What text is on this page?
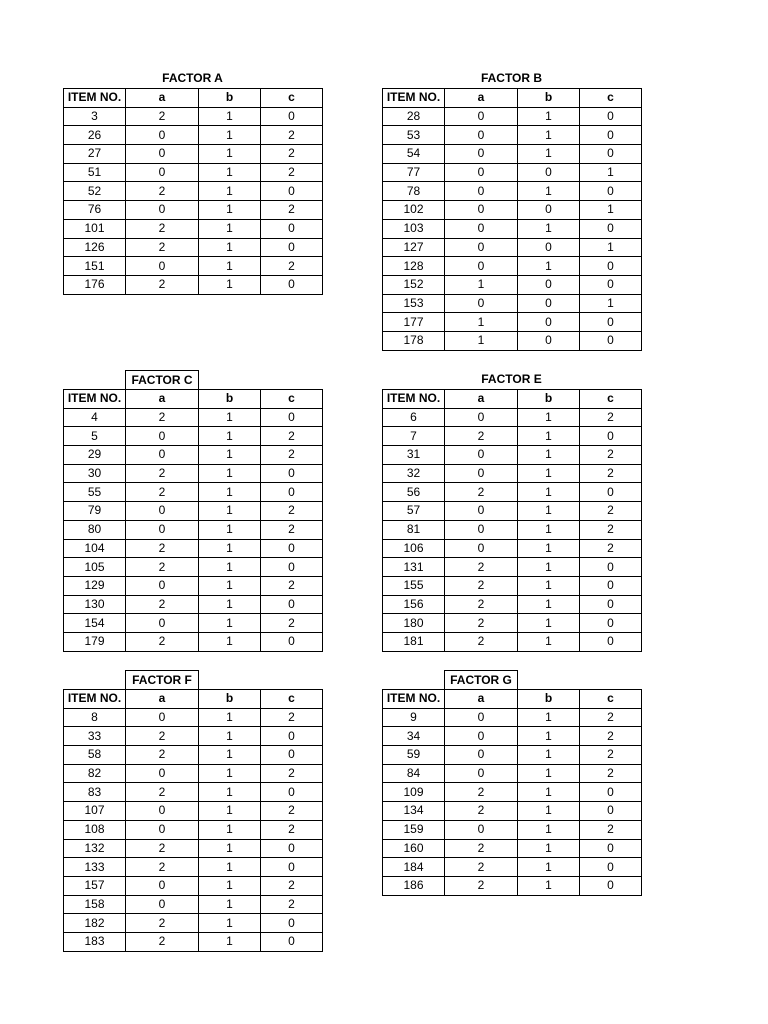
FACTOR A
ITEM NO.	a	b	c
3	2	1	0
26	0	1	2
27	0	1	2
51	0	1	2
52	2	1	0
76	0	1	2
101	2	1	0
126	2	1	0
151	0	1	2
176	2	1	0
FACTOR B
ITEM NO.	a	b	c
28	0	1	0
53	0	1	0
54	0	1	0
77	0	0	1
78	0	1	0
102	0	0	1
103	0	1	0
127	0	0	1
128	0	1	0
152	1	0	0
153	0	0	1
177	1	0	0
178	1	0	0
FACTOR C
ITEM NO.	a	b	c
4	2	1	0
5	0	1	2
29	0	1	2
30	2	1	0
55	2	1	0
79	0	1	2
80	0	1	2
104	2	1	0
105	2	1	0
129	0	1	2
130	2	1	0
154	0	1	2
179	2	1	0
FACTOR E
ITEM NO.	a	b	c
6	0	1	2
7	2	1	0
31	0	1	2
32	0	1	2
56	2	1	0
57	0	1	2
81	0	1	2
106	0	1	2
131	2	1	0
155	2	1	0
156	2	1	0
180	2	1	0
181	2	1	0
FACTOR F
ITEM NO.	a	b	c
8	0	1	2
33	2	1	0
58	2	1	0
82	0	1	2
83	2	1	0
107	0	1	2
108	0	1	2
132	2	1	0
133	2	1	0
157	0	1	2
158	0	1	2
182	2	1	0
183	2	1	0
FACTOR G
ITEM NO.	a	b	c
9	0	1	2
34	0	1	2
59	0	1	2
84	0	1	2
109	2	1	0
134	2	1	0
159	0	1	2
160	2	1	0
184	2	1	0
186	2	1	0
